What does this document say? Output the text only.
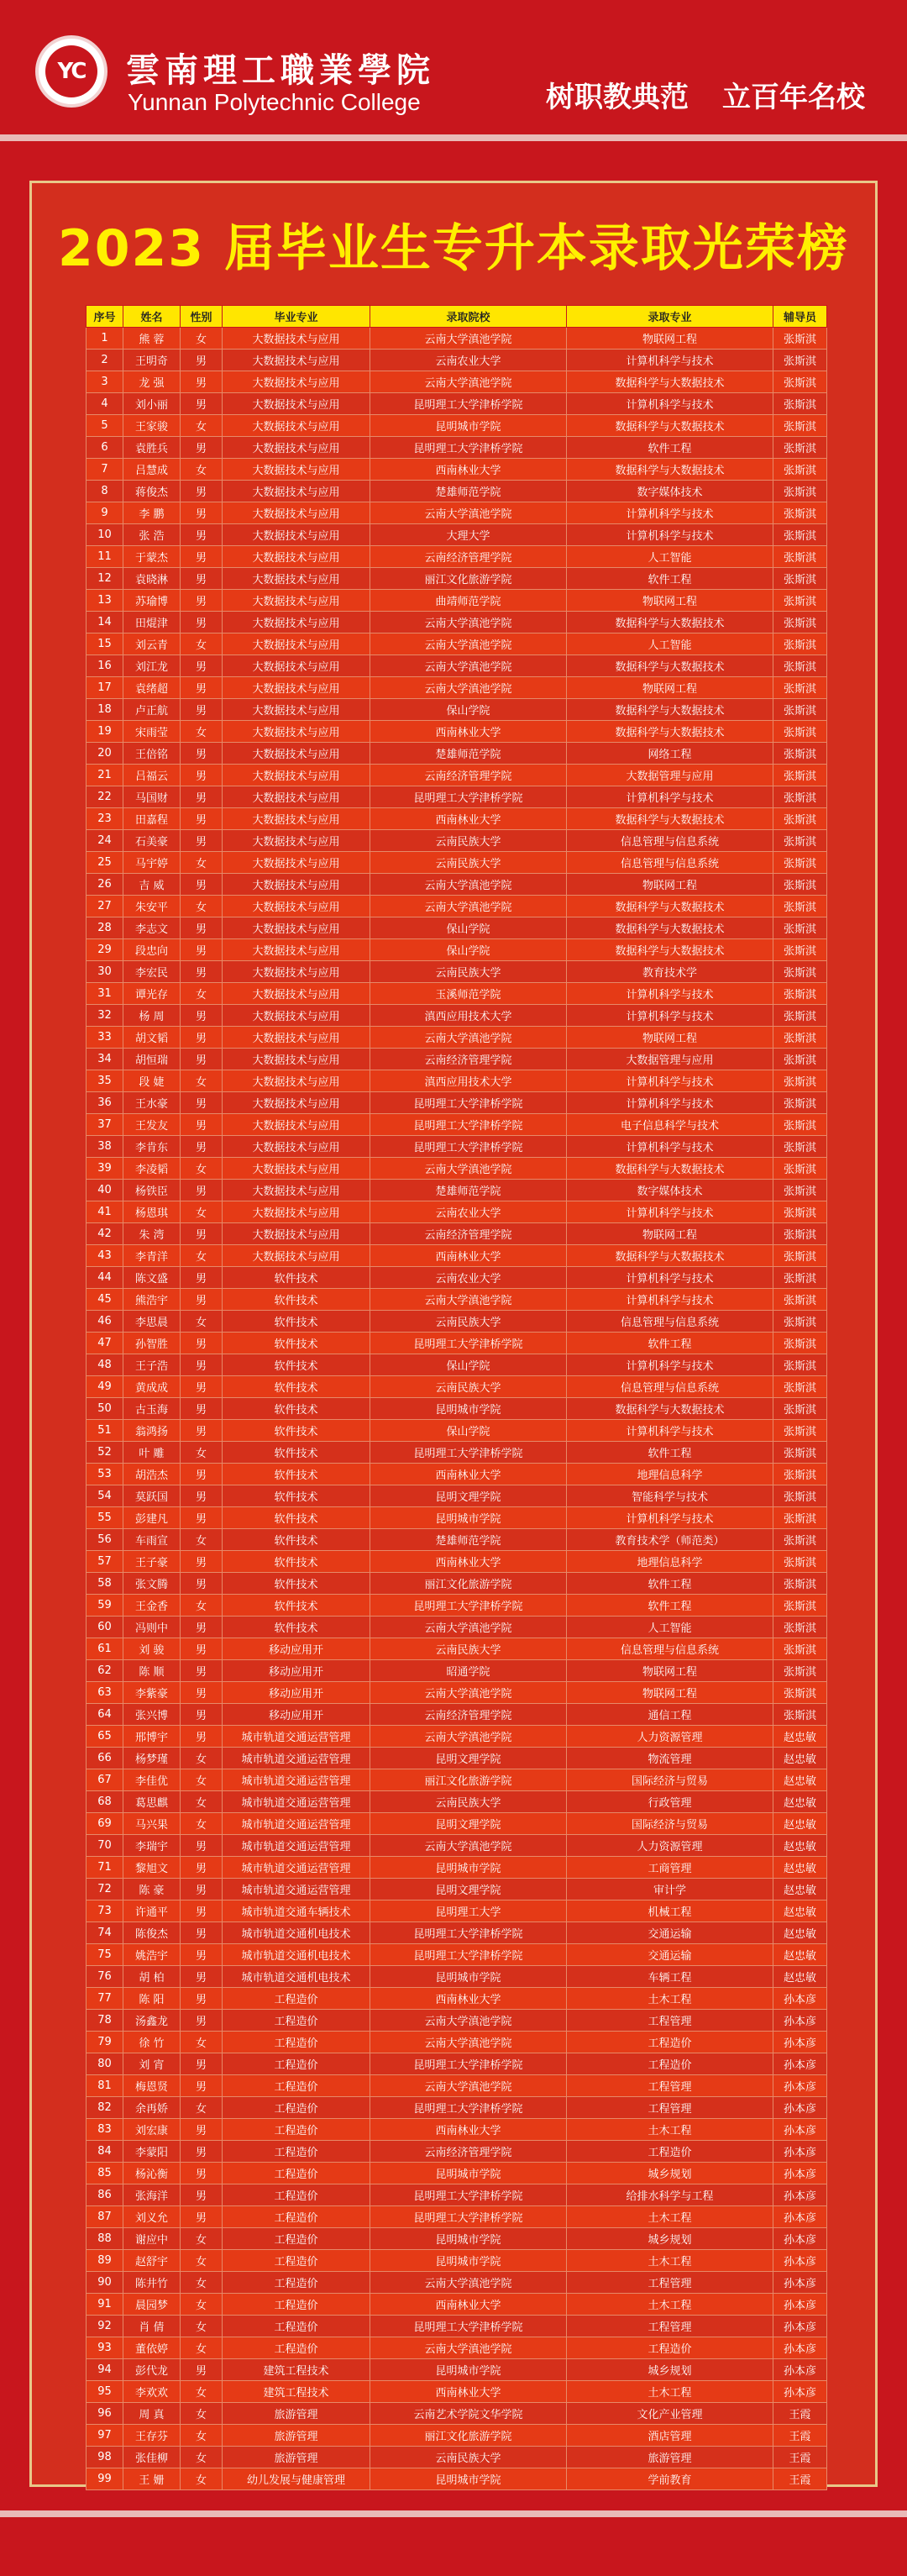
YC	雲南理工職業學院
Yunnan Polytechnic College	树职教典范 立百年名校
2023 届毕业生专升本录取光荣榜
序号	姓名	性别	毕业专业	录取院校	录取专业	辅导员
1	熊 蓉	女	大数据技术与应用	云南大学滇池学院	物联网工程	张斯淇
2	王明奇	男	大数据技术与应用	云南农业大学	计算机科学与技术	张斯淇
3	龙 强	男	大数据技术与应用	云南大学滇池学院	数据科学与大数据技术	张斯淇
4	刘小丽	男	大数据技术与应用	昆明理工大学津桥学院	计算机科学与技术	张斯淇
5	王家骏	女	大数据技术与应用	昆明城市学院	数据科学与大数据技术	张斯淇
6	袁胜兵	男	大数据技术与应用	昆明理工大学津桥学院	软件工程	张斯淇
7	吕慧成	女	大数据技术与应用	西南林业大学	数据科学与大数据技术	张斯淇
8	蒋俊杰	男	大数据技术与应用	楚雄师范学院	数字媒体技术	张斯淇
9	李 鹏	男	大数据技术与应用	云南大学滇池学院	计算机科学与技术	张斯淇
10	张 浩	男	大数据技术与应用	大理大学	计算机科学与技术	张斯淇
11	于蒙杰	男	大数据技术与应用	云南经济管理学院	人工智能	张斯淇
12	袁晓淋	男	大数据技术与应用	丽江文化旅游学院	软件工程	张斯淇
13	苏瑜博	男	大数据技术与应用	曲靖师范学院	物联网工程	张斯淇
14	田焜津	男	大数据技术与应用	云南大学滇池学院	数据科学与大数据技术	张斯淇
15	刘云青	女	大数据技术与应用	云南大学滇池学院	人工智能	张斯淇
16	刘江龙	男	大数据技术与应用	云南大学滇池学院	数据科学与大数据技术	张斯淇
17	袁绪超	男	大数据技术与应用	云南大学滇池学院	物联网工程	张斯淇
18	卢正航	男	大数据技术与应用	保山学院	数据科学与大数据技术	张斯淇
19	宋雨莹	女	大数据技术与应用	西南林业大学	数据科学与大数据技术	张斯淇
20	王倍铭	男	大数据技术与应用	楚雄师范学院	网络工程	张斯淇
21	吕福云	男	大数据技术与应用	云南经济管理学院	大数据管理与应用	张斯淇
22	马国财	男	大数据技术与应用	昆明理工大学津桥学院	计算机科学与技术	张斯淇
23	田嘉程	男	大数据技术与应用	西南林业大学	数据科学与大数据技术	张斯淇
24	石美豪	男	大数据技术与应用	云南民族大学	信息管理与信息系统	张斯淇
25	马宇婷	女	大数据技术与应用	云南民族大学	信息管理与信息系统	张斯淇
26	吉 威	男	大数据技术与应用	云南大学滇池学院	物联网工程	张斯淇
27	朱安平	女	大数据技术与应用	云南大学滇池学院	数据科学与大数据技术	张斯淇
28	李志文	男	大数据技术与应用	保山学院	数据科学与大数据技术	张斯淇
29	段忠向	男	大数据技术与应用	保山学院	数据科学与大数据技术	张斯淇
30	李宏民	男	大数据技术与应用	云南民族大学	教育技术学	张斯淇
31	谭光存	女	大数据技术与应用	玉溪师范学院	计算机科学与技术	张斯淇
32	杨 周	男	大数据技术与应用	滇西应用技术大学	计算机科学与技术	张斯淇
33	胡文韬	男	大数据技术与应用	云南大学滇池学院	物联网工程	张斯淇
34	胡恒瑞	男	大数据技术与应用	云南经济管理学院	大数据管理与应用	张斯淇
35	段 婕	女	大数据技术与应用	滇西应用技术大学	计算机科学与技术	张斯淇
36	王水豪	男	大数据技术与应用	昆明理工大学津桥学院	计算机科学与技术	张斯淇
37	王发友	男	大数据技术与应用	昆明理工大学津桥学院	电子信息科学与技术	张斯淇
38	李肯东	男	大数据技术与应用	昆明理工大学津桥学院	计算机科学与技术	张斯淇
39	李凌韬	女	大数据技术与应用	云南大学滇池学院	数据科学与大数据技术	张斯淇
40	杨铁臣	男	大数据技术与应用	楚雄师范学院	数字媒体技术	张斯淇
41	杨恩琪	女	大数据技术与应用	云南农业大学	计算机科学与技术	张斯淇
42	朱 湾	男	大数据技术与应用	云南经济管理学院	物联网工程	张斯淇
43	李青洋	女	大数据技术与应用	西南林业大学	数据科学与大数据技术	张斯淇
44	陈文盛	男	软件技术	云南农业大学	计算机科学与技术	张斯淇
45	熊浩宇	男	软件技术	云南大学滇池学院	计算机科学与技术	张斯淇
46	李思晨	女	软件技术	云南民族大学	信息管理与信息系统	张斯淇
47	孙智胜	男	软件技术	昆明理工大学津桥学院	软件工程	张斯淇
48	王子浩	男	软件技术	保山学院	计算机科学与技术	张斯淇
49	黄成成	男	软件技术	云南民族大学	信息管理与信息系统	张斯淇
50	古玉海	男	软件技术	昆明城市学院	数据科学与大数据技术	张斯淇
51	翁鸿扬	男	软件技术	保山学院	计算机科学与技术	张斯淇
52	叶 雕	女	软件技术	昆明理工大学津桥学院	软件工程	张斯淇
53	胡浩杰	男	软件技术	西南林业大学	地理信息科学	张斯淇
54	莫跃国	男	软件技术	昆明文理学院	智能科学与技术	张斯淇
55	彭建凡	男	软件技术	昆明城市学院	计算机科学与技术	张斯淇
56	车雨宣	女	软件技术	楚雄师范学院	教育技术学（师范类）	张斯淇
57	王子豪	男	软件技术	西南林业大学	地理信息科学	张斯淇
58	张文腾	男	软件技术	丽江文化旅游学院	软件工程	张斯淇
59	王金香	女	软件技术	昆明理工大学津桥学院	软件工程	张斯淇
60	冯则中	男	软件技术	云南大学滇池学院	人工智能	张斯淇
61	刘 骏	男	移动应用开	云南民族大学	信息管理与信息系统	张斯淇
62	陈 顺	男	移动应用开	昭通学院	物联网工程	张斯淇
63	李紫豪	男	移动应用开	云南大学滇池学院	物联网工程	张斯淇
64	张兴博	男	移动应用开	云南经济管理学院	通信工程	张斯淇
65	邢博宇	男	城市轨道交通运营管理	云南大学滇池学院	人力资源管理	赵忠敏
66	杨梦瑾	女	城市轨道交通运营管理	昆明文理学院	物流管理	赵忠敏
67	李佳优	女	城市轨道交通运营管理	丽江文化旅游学院	国际经济与贸易	赵忠敏
68	葛思麒	女	城市轨道交通运营管理	云南民族大学	行政管理	赵忠敏
69	马兴果	女	城市轨道交通运营管理	昆明文理学院	国际经济与贸易	赵忠敏
70	李瑞宇	男	城市轨道交通运营管理	云南大学滇池学院	人力资源管理	赵忠敏
71	黎旭文	男	城市轨道交通运营管理	昆明城市学院	工商管理	赵忠敏
72	陈 豪	男	城市轨道交通运营管理	昆明文理学院	审计学	赵忠敏
73	许通平	男	城市轨道交通车辆技术	昆明理工大学	机械工程	赵忠敏
74	陈俊杰	男	城市轨道交通机电技术	昆明理工大学津桥学院	交通运输	赵忠敏
75	姚浩宇	男	城市轨道交通机电技术	昆明理工大学津桥学院	交通运输	赵忠敏
76	胡 柏	男	城市轨道交通机电技术	昆明城市学院	车辆工程	赵忠敏
77	陈 阳	男	工程造价	西南林业大学	土木工程	孙本彦
78	汤鑫龙	男	工程造价	云南大学滇池学院	工程管理	孙本彦
79	徐 竹	女	工程造价	云南大学滇池学院	工程造价	孙本彦
80	刘 宵	男	工程造价	昆明理工大学津桥学院	工程造价	孙本彦
81	梅恩贤	男	工程造价	云南大学滇池学院	工程管理	孙本彦
82	余再娇	女	工程造价	昆明理工大学津桥学院	工程管理	孙本彦
83	刘宏康	男	工程造价	西南林业大学	土木工程	孙本彦
84	李蒙阳	男	工程造价	云南经济管理学院	工程造价	孙本彦
85	杨沁衡	男	工程造价	昆明城市学院	城乡规划	孙本彦
86	张海洋	男	工程造价	昆明理工大学津桥学院	给排水科学与工程	孙本彦
87	刘义允	男	工程造价	昆明理工大学津桥学院	土木工程	孙本彦
88	谢应中	女	工程造价	昆明城市学院	城乡规划	孙本彦
89	赵舒宇	女	工程造价	昆明城市学院	土木工程	孙本彦
90	陈井竹	女	工程造价	云南大学滇池学院	工程管理	孙本彦
91	晨园梦	女	工程造价	西南林业大学	土木工程	孙本彦
92	肖 倩	女	工程造价	昆明理工大学津桥学院	工程管理	孙本彦
93	董依婷	女	工程造价	云南大学滇池学院	工程造价	孙本彦
94	彭代龙	男	建筑工程技术	昆明城市学院	城乡规划	孙本彦
95	李欢欢	女	建筑工程技术	西南林业大学	土木工程	孙本彦
96	周 真	女	旅游管理	云南艺术学院文华学院	文化产业管理	王霞
97	王存芬	女	旅游管理	丽江文化旅游学院	酒店管理	王霞
98	张佳柳	女	旅游管理	云南民族大学	旅游管理	王霞
99	王 姗	女	幼儿发展与健康管理	昆明城市学院	学前教育	王霞
